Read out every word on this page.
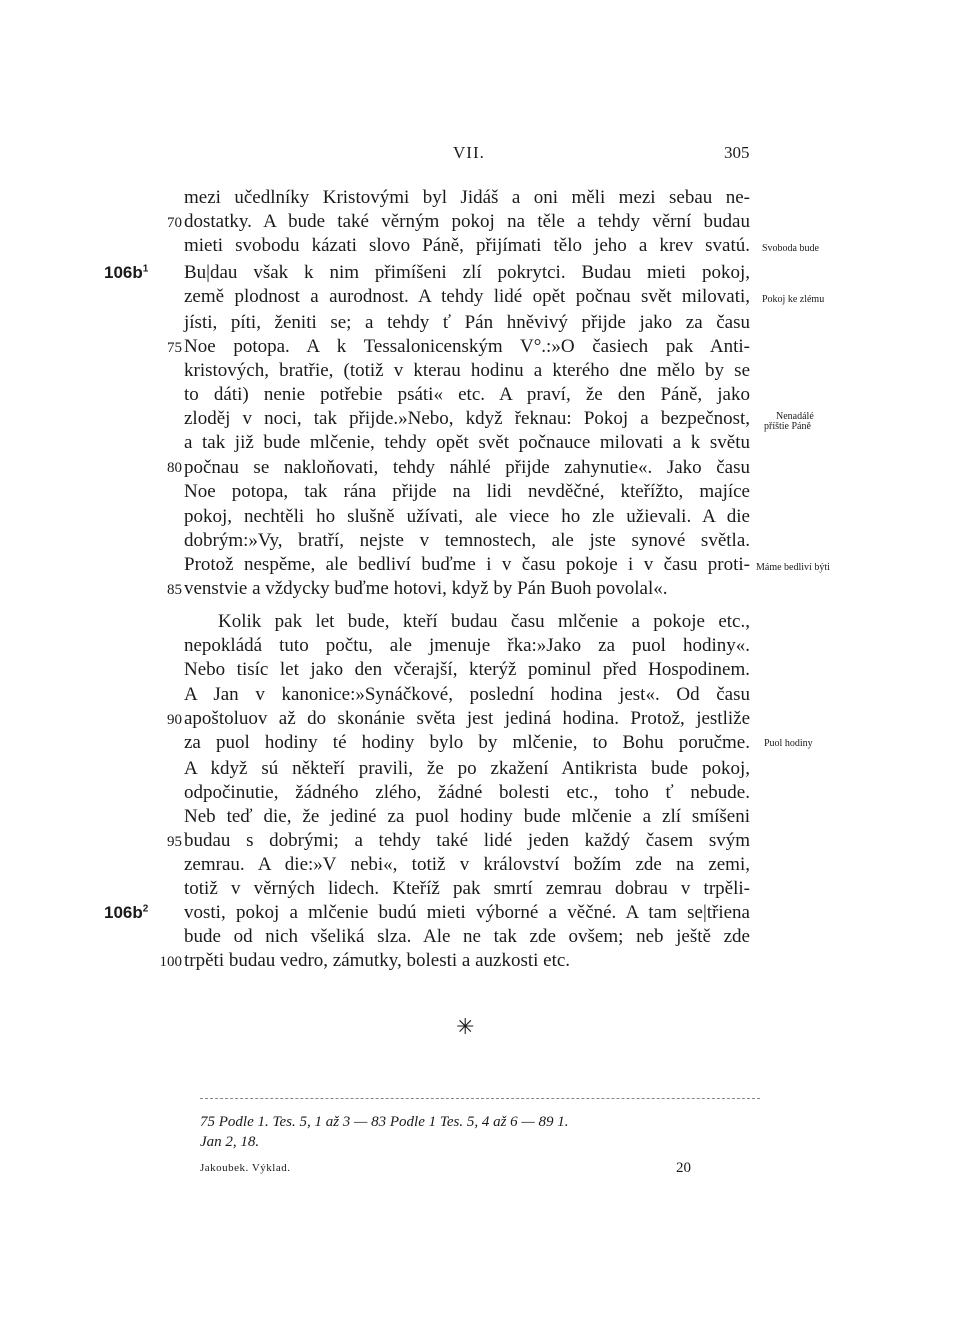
VII.	305
mezi učedlníky Kristovými byl Jidáš a oni měli mezi sebau ne-
dostatky. A bude také věrným pokoj na těle a tehdy věrní budau
mieti svobodu kázati slovo Páně, přijímati tělo jeho a krev svatú.
Bu|dau však k nim přimíšeni zlí pokrytci. Budau mieti pokoj,
země plodnost a aurodnost. A tehdy lidé opět počnau svět milovati,
jísti, píti, ženiti se; a tehdy ť Pán hněvivý přijde jako za času
Noe potopa. A k Tessalonicenským V°.:»O časiech pak Anti-
kristových, bratřie, (totiž v kterau hodinu a kterého dne mělo by se
to dáti) nenie potřebie psáti« etc. A praví, že den Páně, jako
zloděj v noci, tak přijde.»Nebo, když řeknau: Pokoj a bezpečnost,
a tak již bude mlčenie, tehdy opět svět počnauce milovati a k světu
počnau se nakloňovati, tehdy náhlé přijde zahynutie«. Jako času
Noe potopa, tak rána přijde na lidi nevděčné, kteřížto, majíce
pokoj, nechtěli ho slušně užívati, ale viece ho zle užievali. A die
dobrým:»Vy, bratří, nejste v temnostech, ale jste synové světla.
Protož nespěme, ale bedliví buďme i v času pokoje i v času proti-
venstvie a vždycky buďme hotovi, když by Pán Buoh povolal«.
Kolik pak let bude, kteří budau času mlčenie a pokoje etc.,
nepokládá tuto počtu, ale jmenuje řka:»Jako za puol hodiny«.
Nebo tisíc let jako den včerajší, kterýž pominul před Hospodinem.
A Jan v kanonice:»Synáčkové, poslední hodina jest«. Od času
apoštoluov až do skonánie světa jest jediná hodina. Protož, jestliže
za puol hodiny té hodiny bylo by mlčenie, to Bohu poručme.
A když sú někteří pravili, že po zkažení Antikrista bude pokoj,
odpočinutie, žádného zlého, žádné bolesti etc., toho ť nebude.
Neb teď die, že jediné za puol hodiny bude mlčenie a zlí smíšeni
budau s dobrými; a tehdy také lidé jeden každý časem svým
zemrau. A die:»V nebi«, totiž v království božím zde na zemi,
totiž v věrných lidech. Kteříž pak smrtí zemrau dobrau v trpěli-
vosti, pokoj a mlčenie budú mieti výborné a věčné. A tam se|třiena
bude od nich všeliká slza. Ale ne tak zde ovšem; neb ještě zde
trpěti budau vedro, zámutky, bolesti a auzkosti etc.
70
75
80
85
90
95
100
$106b^1$
$106b^2$
Svoboda bude
Pokoj ke zlému
Nenadálé
příštie Páně
Máme bedliví býti
Puol hodiny
✳
75 Podle 1. Tes. 5, 1 až 3 — 83 Podle 1 Tes. 5, 4 až 6 — 89 1.
Jan 2, 18.
Jakoubek. Výklad.	20
